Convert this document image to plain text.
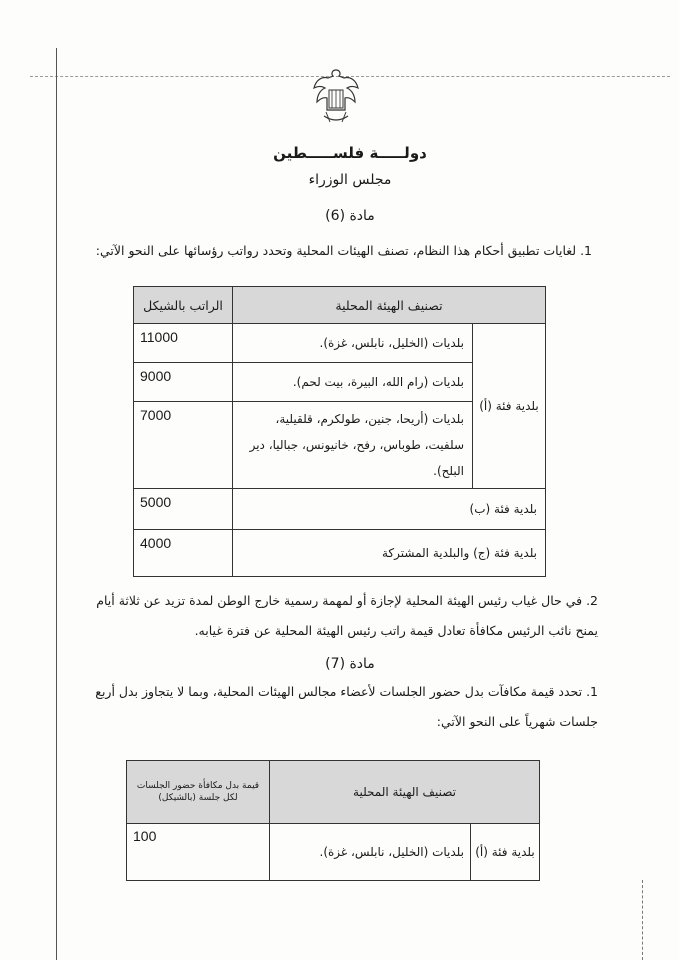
دولـــــة فلســـــطين
مجلس الوزراء
مادة (6)
1. لغايات تطبيق أحكام هذا النظام، تصنف الهيئات المحلية وتحدد رواتب رؤسائها على النحو الآتي:
تصنيف الهيئة المحلية		الراتب بالشيكل
بلدية فئة (أ)	بلديات (الخليل، نابلس، غزة).	11000
	بلديات (رام الله، البيرة، بيت لحم).	9000
	بلديات (أريحا، جنين، طولكرم، قلقيلية، سلفيت، طوباس، رفح، خانيونس، جباليا، دير البلح).	7000
بلدية فئة (ب)		5000
بلدية فئة (ج) والبلدية المشتركة		4000
2. في حال غياب رئيس الهيئة المحلية لإجازة أو لمهمة رسمية خارج الوطن لمدة تزيد عن ثلاثة أيام يمنح نائب الرئيس مكافأة تعادل قيمة راتب رئيس الهيئة المحلية عن فترة غيابه.
مادة (7)
1. تحدد قيمة مكافآت بدل حضور الجلسات لأعضاء مجالس الهيئات المحلية، وبما لا يتجاوز بدل أربع جلسات شهرياً على النحو الآتي:
تصنيف الهيئة المحلية		قيمة بدل مكافأة حضور الجلسات لكل جلسة (بالشيكل)
بلدية فئة (أ)	بلديات (الخليل، نابلس، غزة).	100
